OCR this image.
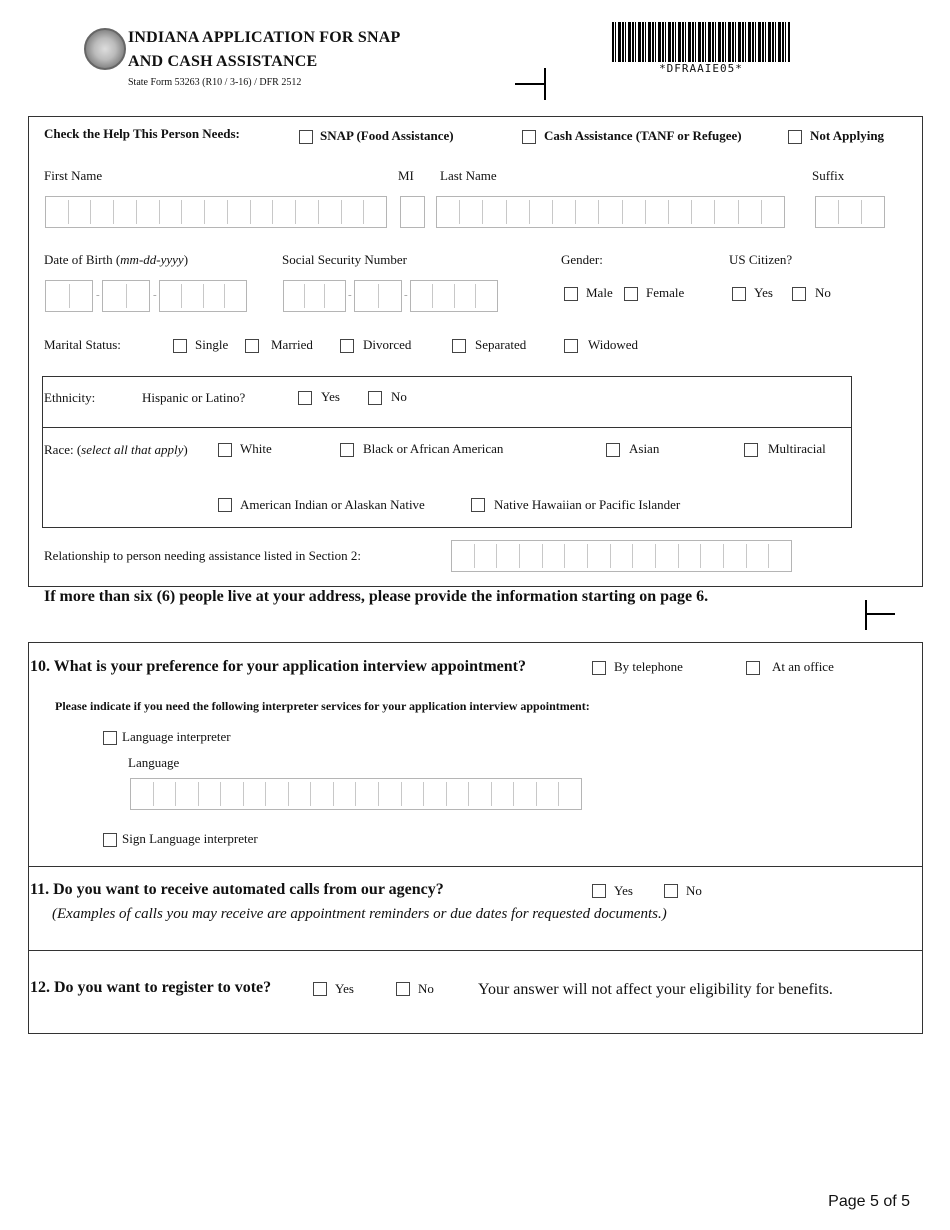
INDIANA APPLICATION FOR SNAP
AND CASH ASSISTANCE
State Form 53263 (R10 / 3-16) / DFR 2512
*DFRAAIE05*
Check the Help This Person Needs:	SNAP (Food Assistance)	Cash Assistance (TANF or Refugee)	Not Applying
First Name	MI Last Name	Suffix
Date of Birth (mm-dd-yyyy)	Social Security Number	Gender:	US Citizen?
-	-	-	-	Male	Female	Yes	No
Marital Status:	Single	Married	Divorced	Separated	Widowed
Ethnicity:	Hispanic or Latino?	Yes	No
Race: (select all that apply)	White	Black or African American	Asian	Multiracial
American Indian or Alaskan Native	Native Hawaiian or Pacific Islander
Relationship to person needing assistance listed in Section 2:
If more than six (6) people live at your address, please provide the information starting on page 6.
10. What is your preference for your application interview appointment?	By telephone	At an office
Please indicate if you need the following interpreter services for your application interview appointment:
Language interpreter
Language
Sign Language interpreter
11. Do you want to receive automated calls from our agency?	Yes	No
(Examples of calls you may receive are appointment reminders or due dates for requested documents.)
12. Do you want to register to vote?	Yes	No	Your answer will not affect your eligibility for benefits.
Page 5 of 5
